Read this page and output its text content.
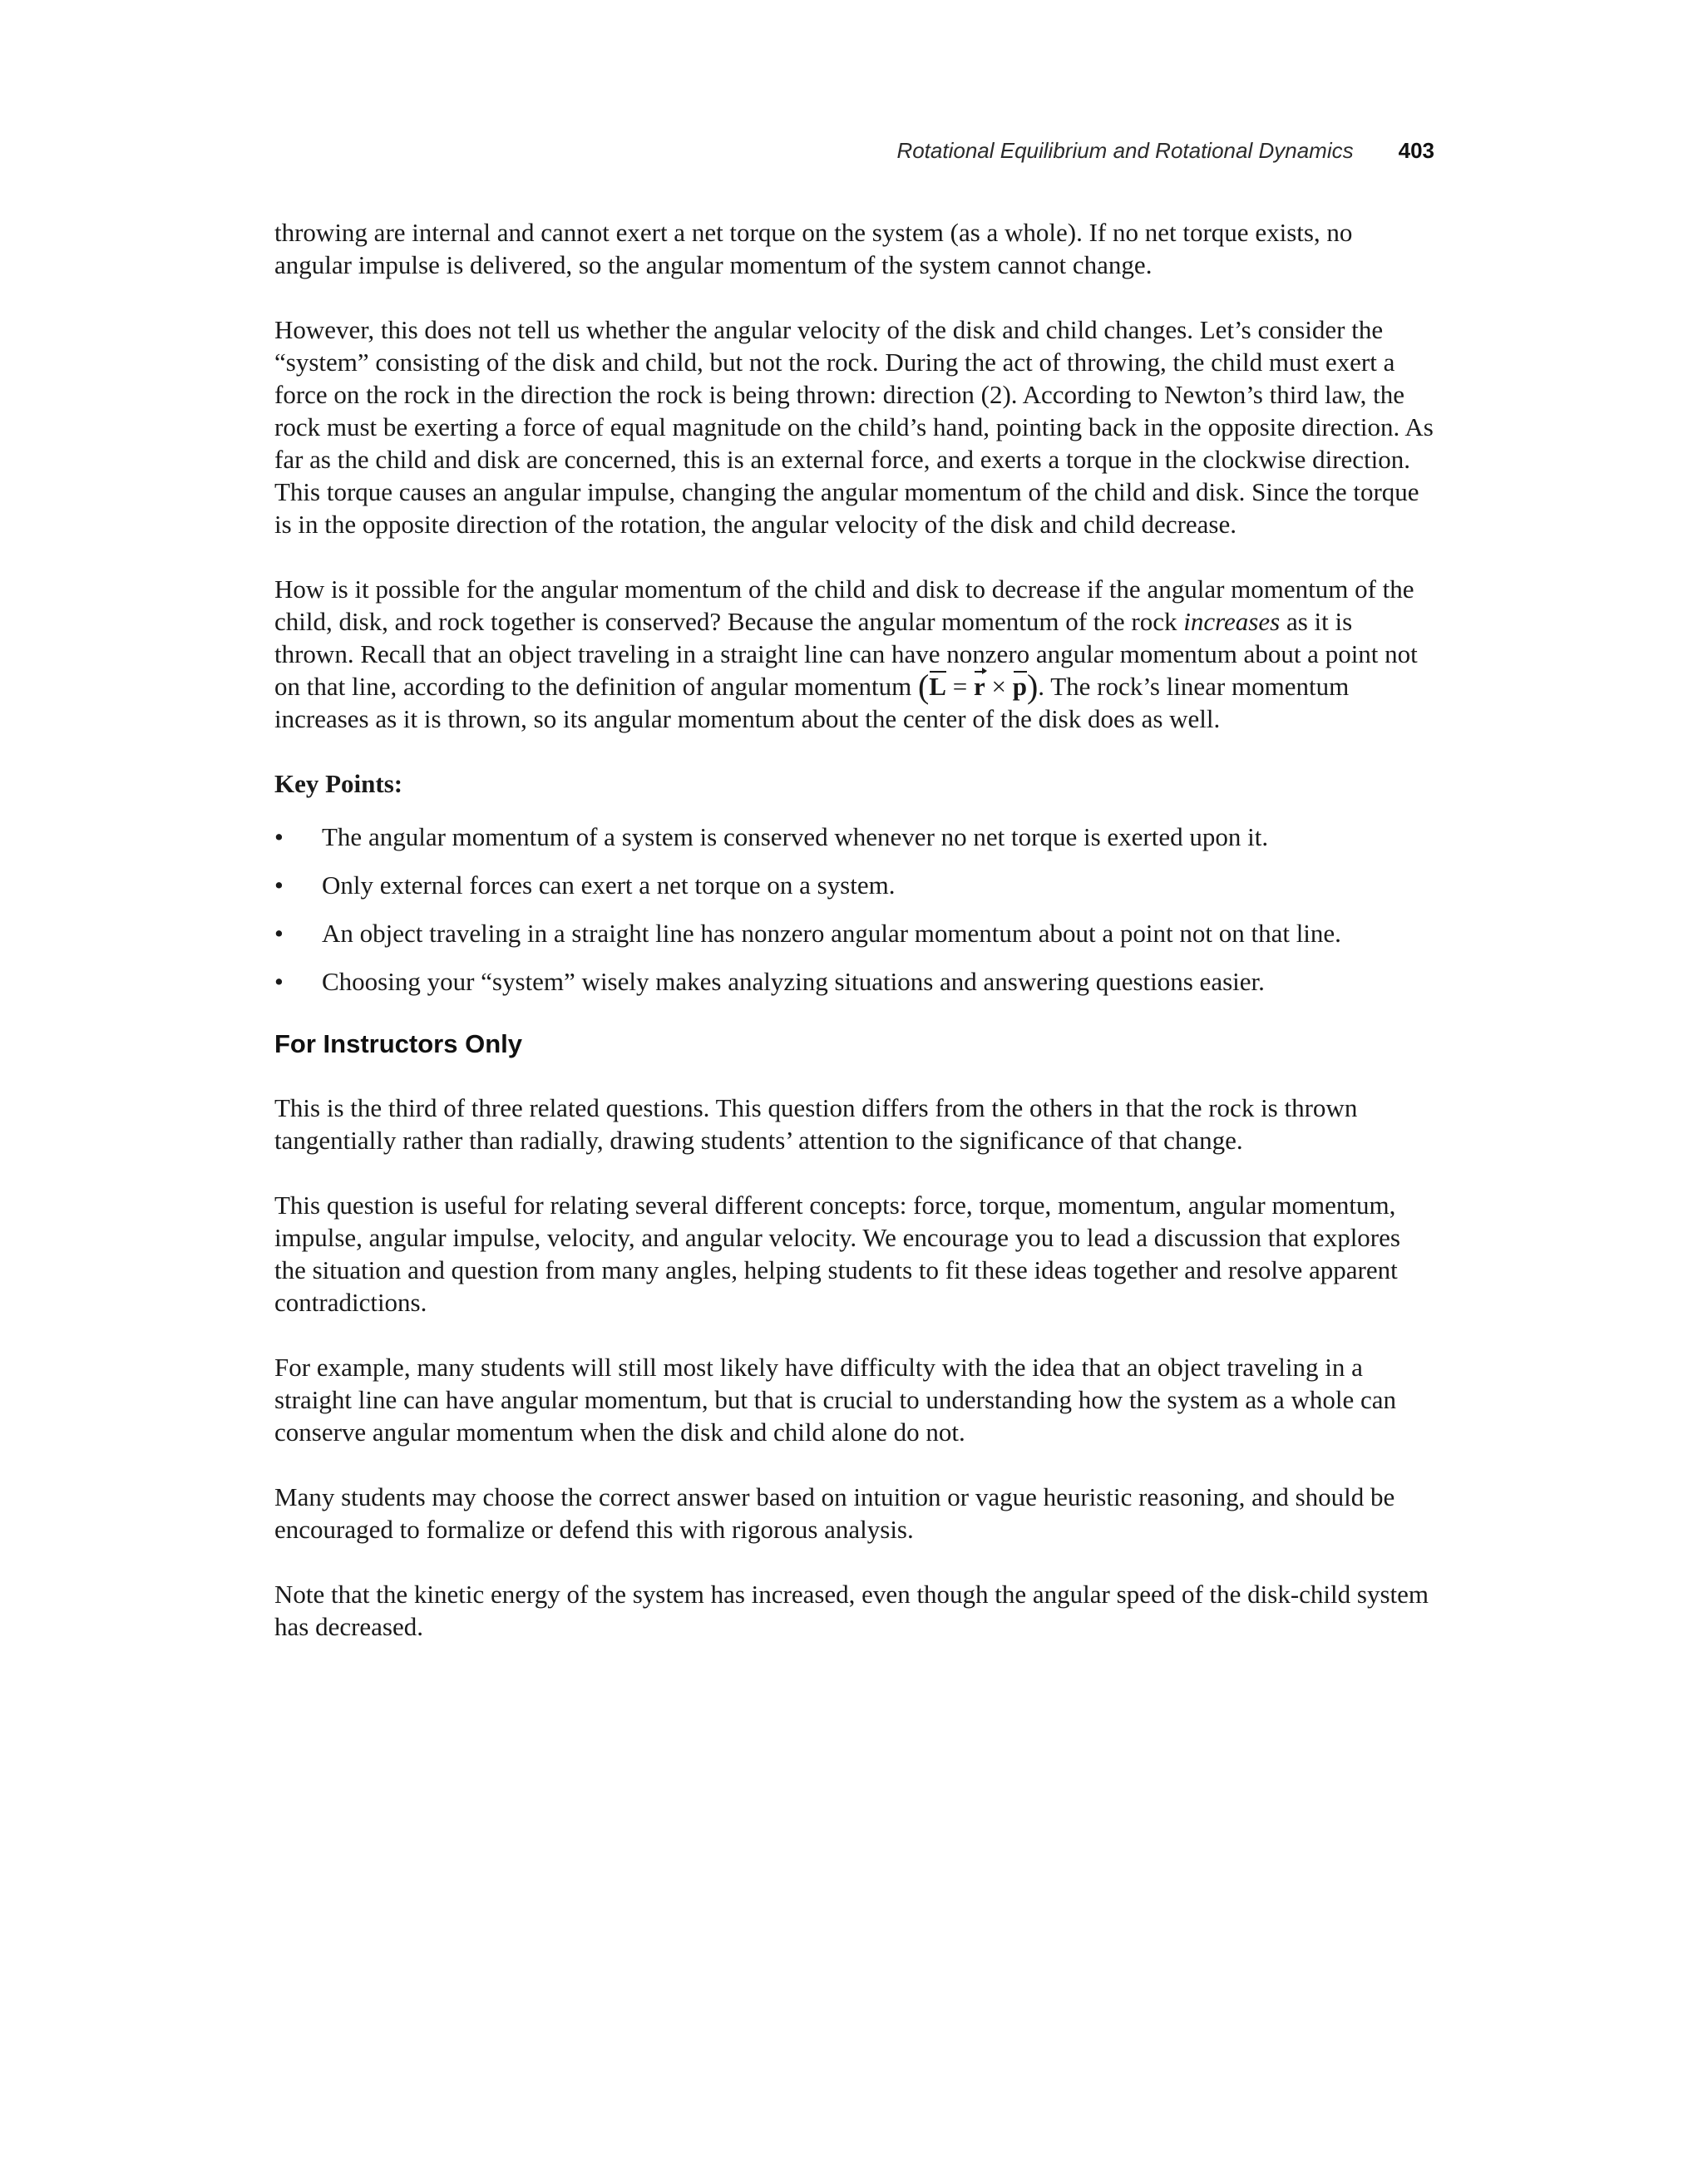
Rotational Equilibrium and Rotational Dynamics 403

throwing are internal and cannot exert a net torque on the system (as a whole). If no net torque exists, no angular impulse is delivered, so the angular momentum of the system cannot change.

However, this does not tell us whether the angular velocity of the disk and child changes. Let’s consider the “system” consisting of the disk and child, but not the rock. During the act of throwing, the child must exert a force on the rock in the direction the rock is being thrown: direction (2). According to Newton’s third law, the rock must be exerting a force of equal magnitude on the child’s hand, pointing back in the opposite direction. As far as the child and disk are concerned, this is an external force, and exerts a torque in the clockwise direction. This torque causes an angular impulse, changing the angular momentum of the child and disk. Since the torque is in the opposite direction of the rotation, the angular velocity of the disk and child decrease.

How is it possible for the angular momentum of the child and disk to decrease if the angular momentum of the child, disk, and rock together is conserved? Because the angular momentum of the rock increases as it is thrown. Recall that an object traveling in a straight line can have nonzero angular momentum about a point not on that line, according to the definition of angular momentum (L = r × p). The rock’s linear momentum increases as it is thrown, so its angular momentum about the center of the disk does as well.

Key Points:

• The angular momentum of a system is conserved whenever no net torque is exerted upon it.
• Only external forces can exert a net torque on a system.
• An object traveling in a straight line has nonzero angular momentum about a point not on that line.
• Choosing your “system” wisely makes analyzing situations and answering questions easier.
For Instructors Only

This is the third of three related questions. This question differs from the others in that the rock is thrown tangentially rather than radially, drawing students’ attention to the significance of that change.

This question is useful for relating several different concepts: force, torque, momentum, angular momentum, impulse, angular impulse, velocity, and angular velocity. We encourage you to lead a discussion that explores the situation and question from many angles, helping students to fit these ideas together and resolve apparent contradictions.

For example, many students will still most likely have difficulty with the idea that an object traveling in a straight line can have angular momentum, but that is crucial to understanding how the system as a whole can conserve angular momentum when the disk and child alone do not.

Many students may choose the correct answer based on intuition or vague heuristic reasoning, and should be encouraged to formalize or defend this with rigorous analysis.

Note that the kinetic energy of the system has increased, even though the angular speed of the disk-child system has decreased.
